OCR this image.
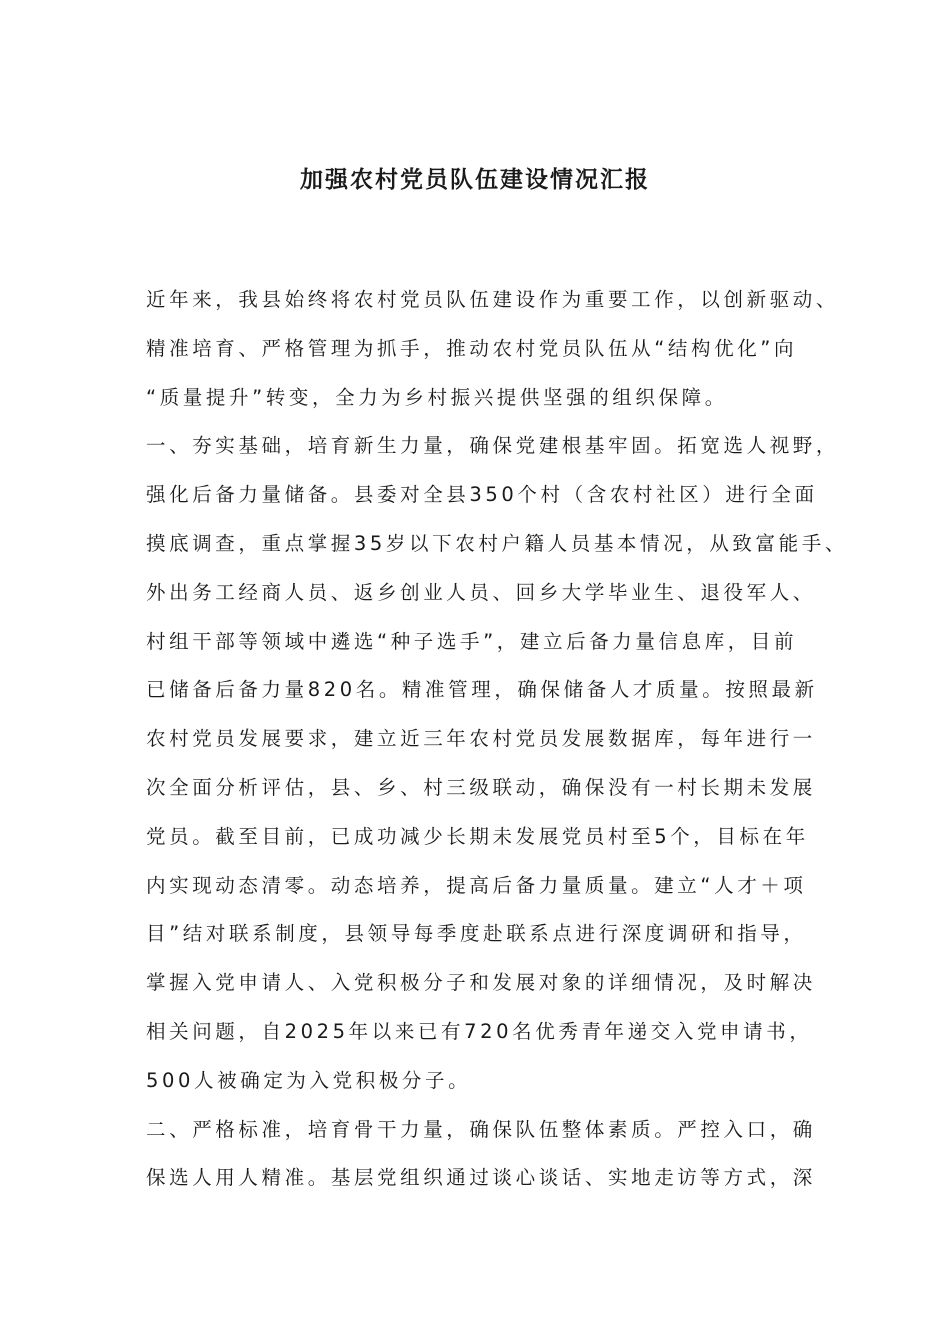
加强农村党员队伍建设情况汇报

近年来，我县始终将农村党员队伍建设作为重要工作，以创新驱动、
精准培育、严格管理为抓手，推动农村党员队伍从“结构优化”向
“质量提升”转变，全力为乡村振兴提供坚强的组织保障。

一、夯实基础，培育新生力量，确保党建根基牢固。拓宽选人视野，
强化后备力量储备。县委对全县350个村（含农村社区）进行全面
摸底调查，重点掌握35岁以下农村户籍人员基本情况，从致富能手、
外出务工经商人员、返乡创业人员、回乡大学毕业生、退役军人、
村组干部等领域中遴选“种子选手”，建立后备力量信息库，目前
已储备后备力量820名。精准管理，确保储备人才质量。按照最新
农村党员发展要求，建立近三年农村党员发展数据库，每年进行一
次全面分析评估，县、乡、村三级联动，确保没有一村长期未发展
党员。截至目前，已成功减少长期未发展党员村至5个，目标在年
内实现动态清零。动态培养，提高后备力量质量。建立“人才＋项
目”结对联系制度，县领导每季度赴联系点进行深度调研和指导，
掌握入党申请人、入党积极分子和发展对象的详细情况，及时解决
相关问题，自2025年以来已有720名优秀青年递交入党申请书，
500人被确定为入党积极分子。

二、严格标准，培育骨干力量，确保队伍整体素质。严控入口，确
保选人用人精准。基层党组织通过谈心谈话、实地走访等方式，深
